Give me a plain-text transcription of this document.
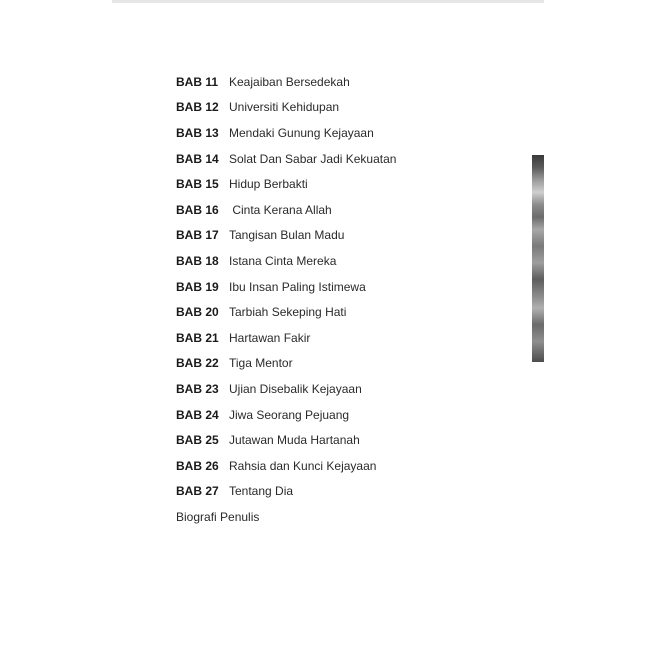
BAB 11 Keajaiban Bersedekah
BAB 12 Universiti Kehidupan
BAB 13 Mendaki Gunung Kejayaan
BAB 14 Solat Dan Sabar Jadi Kekuatan
BAB 15 Hidup Berbakti
BAB 16 Cinta Kerana Allah
BAB 17 Tangisan Bulan Madu
BAB 18 Istana Cinta Mereka
BAB 19 Ibu Insan Paling Istimewa
BAB 20 Tarbiah Sekeping Hati
BAB 21 Hartawan Fakir
BAB 22 Tiga Mentor
BAB 23 Ujian Disebalik Kejayaan
BAB 24 Jiwa Seorang Pejuang
BAB 25 Jutawan Muda Hartanah
BAB 26 Rahsia dan Kunci Kejayaan
BAB 27 Tentang Dia
Biografi Penulis
